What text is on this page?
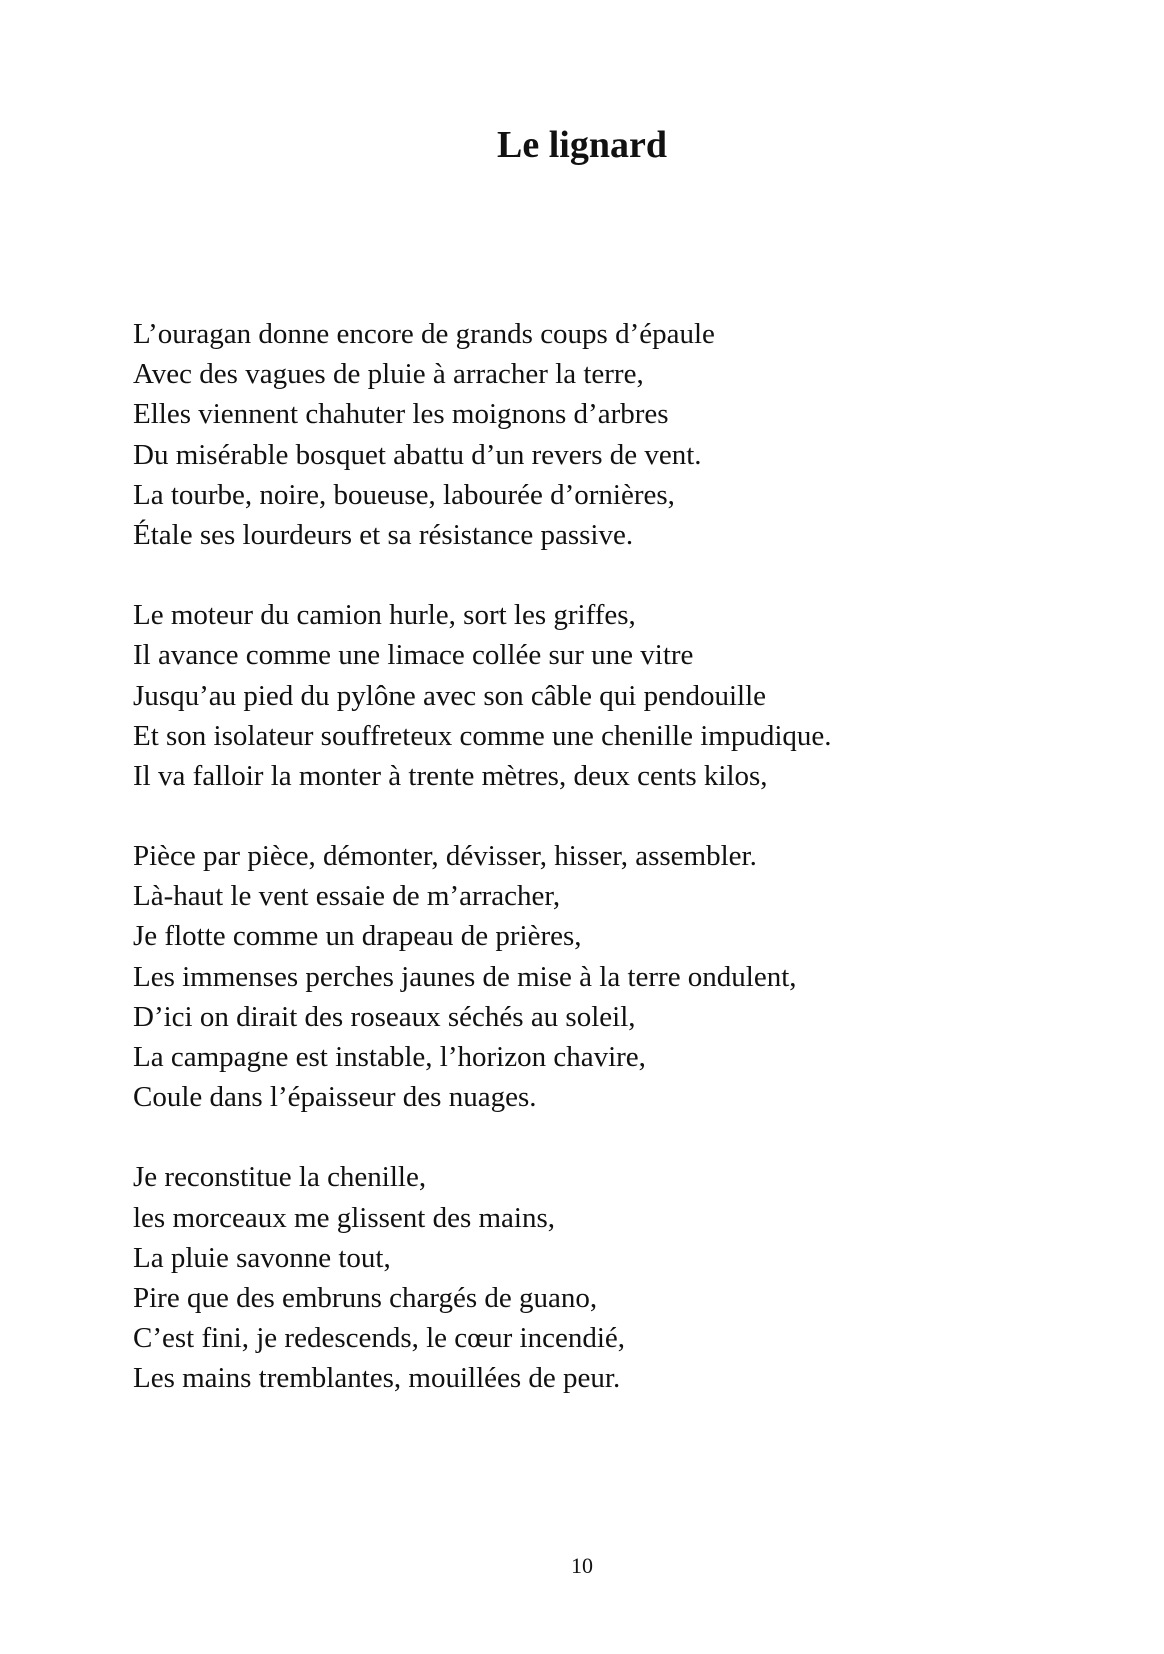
Le lignard
L’ouragan donne encore de grands coups d’épaule
Avec des vagues de pluie à arracher la terre,
Elles viennent chahuter les moignons d’arbres
Du misérable bosquet abattu d’un revers de vent.
La tourbe, noire, boueuse, labourée d’ornières,
Étale ses lourdeurs et sa résistance passive.
Le moteur du camion hurle, sort les griffes,
Il avance comme une limace collée sur une vitre
Jusqu’au pied du pylône avec son câble qui pendouille
Et son isolateur souffreteux comme une chenille impudique.
Il va falloir la monter à trente mètres, deux cents kilos,
Pièce par pièce, démonter, dévisser, hisser, assembler.
Là-haut le vent essaie de m’arracher,
Je flotte comme un drapeau de prières,
Les immenses perches jaunes de mise à la terre ondulent,
D’ici on dirait des roseaux séchés au soleil,
La campagne est instable, l’horizon chavire,
Coule dans l’épaisseur des nuages.
Je reconstitue la chenille,
les morceaux me glissent des mains,
La pluie savonne tout,
Pire que des embruns chargés de guano,
C’est fini, je redescends, le cœur incendié,
Les mains tremblantes, mouillées de peur.
10
